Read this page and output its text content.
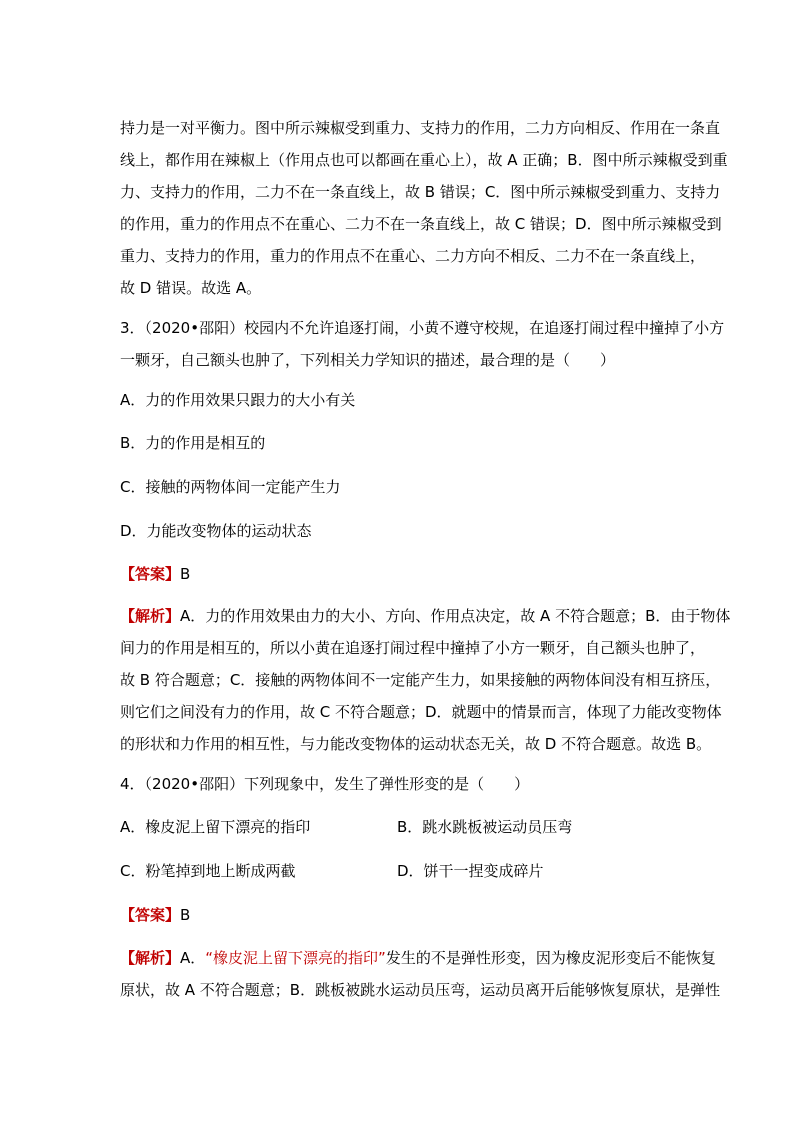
持力是一对平衡力。图中所示辣椒受到重力、支持力的作用，二力方向相反、作用在一条直
线上，都作用在辣椒上（作用点也可以都画在重心上），故 A 正确；B．图中所示辣椒受到重
力、支持力的作用，二力不在一条直线上，故 B 错误；C．图中所示辣椒受到重力、支持力
的作用，重力的作用点不在重心、二力不在一条直线上，故 C 错误；D．图中所示辣椒受到
重力、支持力的作用，重力的作用点不在重心、二力方向不相反、二力不在一条直线上，
故 D 错误。故选 A。
3．（2020•邵阳）校园内不允许追逐打闹，小黄不遵守校规，在追逐打闹过程中撞掉了小方
一颗牙，自己额头也肿了，下列相关力学知识的描述，最合理的是（　　）
A．力的作用效果只跟力的大小有关
B．力的作用是相互的
C．接触的两物体间一定能产生力
D．力能改变物体的运动状态
【答案】B
【解析】A．力的作用效果由力的大小、方向、作用点决定，故 A 不符合题意；B．由于物体
间力的作用是相互的，所以小黄在追逐打闹过程中撞掉了小方一颗牙，自己额头也肿了，
故 B 符合题意；C．接触的两物体间不一定能产生力，如果接触的两物体间没有相互挤压，
则它们之间没有力的作用，故 C 不符合题意；D．就题中的情景而言，体现了力能改变物体
的形状和力作用的相互性，与力能改变物体的运动状态无关，故 D 不符合题意。故选 B。
4．（2020•邵阳）下列现象中，发生了弹性形变的是（　　）
A．橡皮泥上留下漂亮的指印	B．跳水跳板被运动员压弯
C．粉笔掉到地上断成两截	D．饼干一捏变成碎片
【答案】B
【解析】A．“橡皮泥上留下漂亮的指印”发生的不是弹性形变，因为橡皮泥形变后不能恢复
原状，故 A 不符合题意；B．跳板被跳水运动员压弯，运动员离开后能够恢复原状，是弹性
